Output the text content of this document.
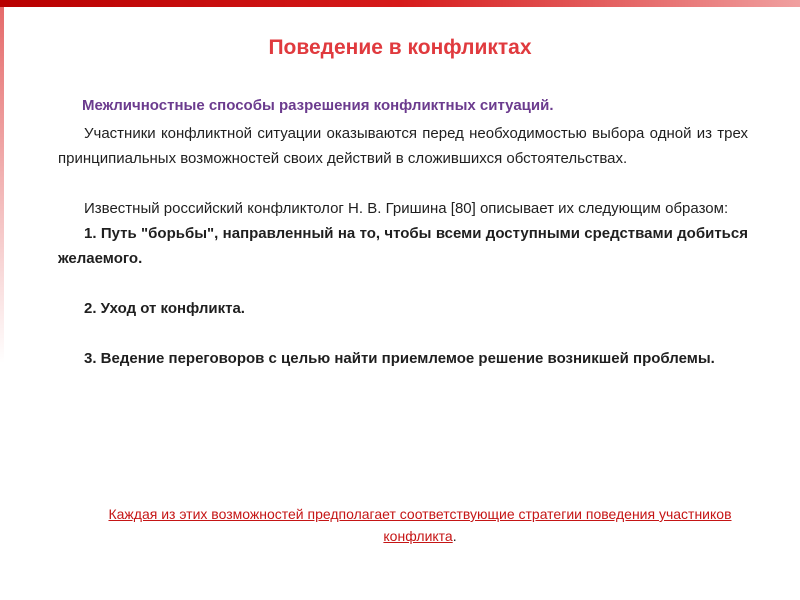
Поведение в конфликтах
Межличностные способы разрешения конфликтных ситуаций.

Участники конфликтной ситуации оказываются перед необходимостью выбора одной из трех принципиальных возможностей своих действий в сложившихся обстоятельствах.

Известный российский конфликтолог Н. В. Гришина [80] описывает их следующим образом:

1. Путь "борьбы", направленный на то, чтобы всеми доступными средствами добиться желаемого.

2. Уход от конфликта.

3. Ведение переговоров с целью найти приемлемое решение возникшей проблемы.

Каждая из этих возможностей предполагает соответствующие стратегии поведения участников конфликта.
